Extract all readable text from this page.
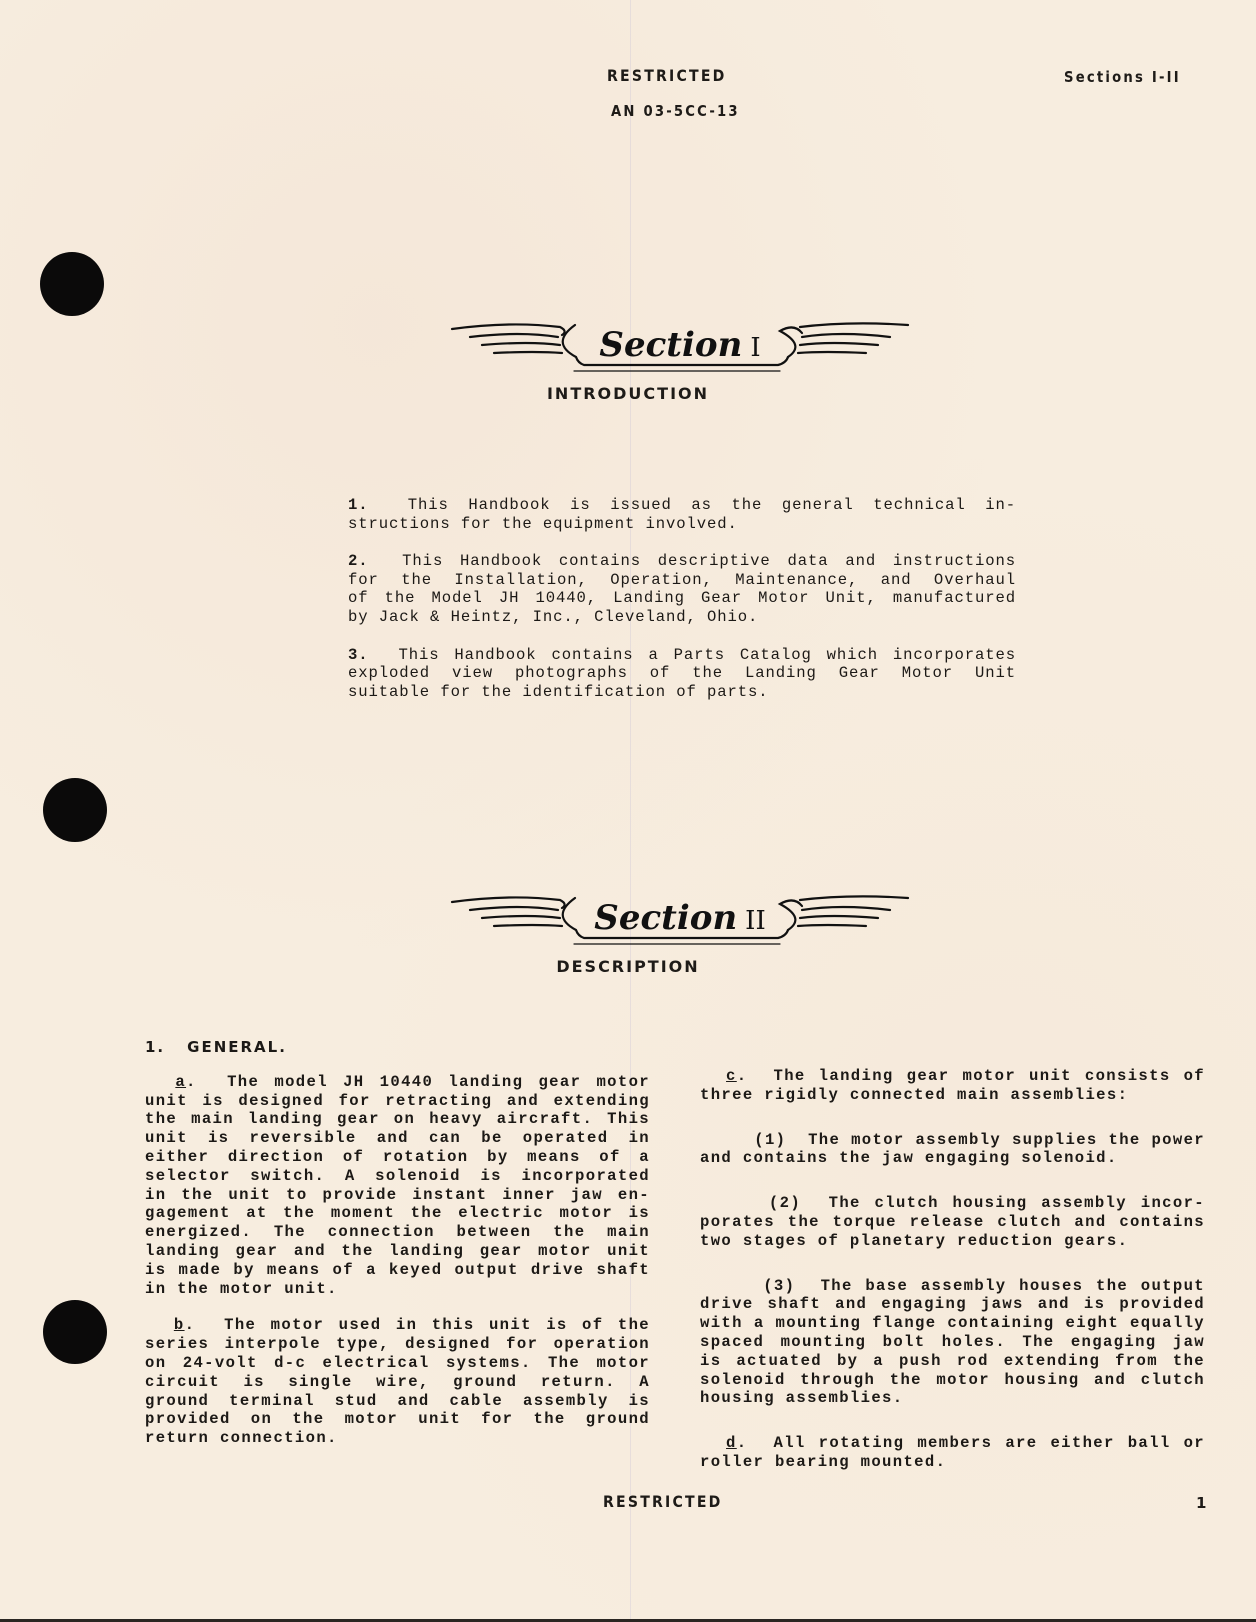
RESTRICTED
AN 03-5CC-13
Sections I-II
Section I
INTRODUCTION

1.	This Handbook is issued as the general technical in-
structions for the equipment involved.

2. This Handbook contains descriptive data and instructions
for the Installation, Operation, Maintenance, and Overhaul
of the Model JH 10440, Landing Gear Motor Unit, manufactured
by Jack & Heintz, Inc., Cleveland, Ohio.

3. This Handbook contains a Parts Catalog which incorporates
exploded view photographs of the Landing Gear Motor Unit
suitable for the identification of parts.

Section II
DESCRIPTION

1. GENERAL.

a.  The model JH 10440 landing gear motor
unit is designed for retracting and extending
the main landing gear on heavy aircraft. This
unit is reversible and can be operated in
either direction of rotation by means of a
selector switch. A solenoid is incorporated
in the unit to provide instant inner jaw en-
gagement at the moment the electric motor is
energized. The connection between the main
landing gear and the landing gear motor unit
is made by means of a keyed output drive shaft
in the motor unit.

b.  The motor used in this unit is of the
series interpole type, designed for operation
on 24-volt d-c electrical systems. The motor
circuit is single wire, ground return. A
ground terminal stud and cable assembly is
provided on the motor unit for the ground
return connection.

c.  The landing gear motor unit consists of
three rigidly connected main assemblies:

(1) The motor assembly supplies the power
and contains the jaw engaging solenoid.

(2) The clutch housing assembly incor-
porates the torque release clutch and contains
two stages of planetary reduction gears.

(3) The base assembly houses the output
drive shaft and engaging jaws and is provided
with a mounting flange containing eight equally
spaced mounting bolt holes. The engaging jaw
is actuated by a push rod extending from the
solenoid through the motor housing and clutch
housing assemblies.

d.  All rotating members are either ball or
roller bearing mounted.

RESTRICTED	1
